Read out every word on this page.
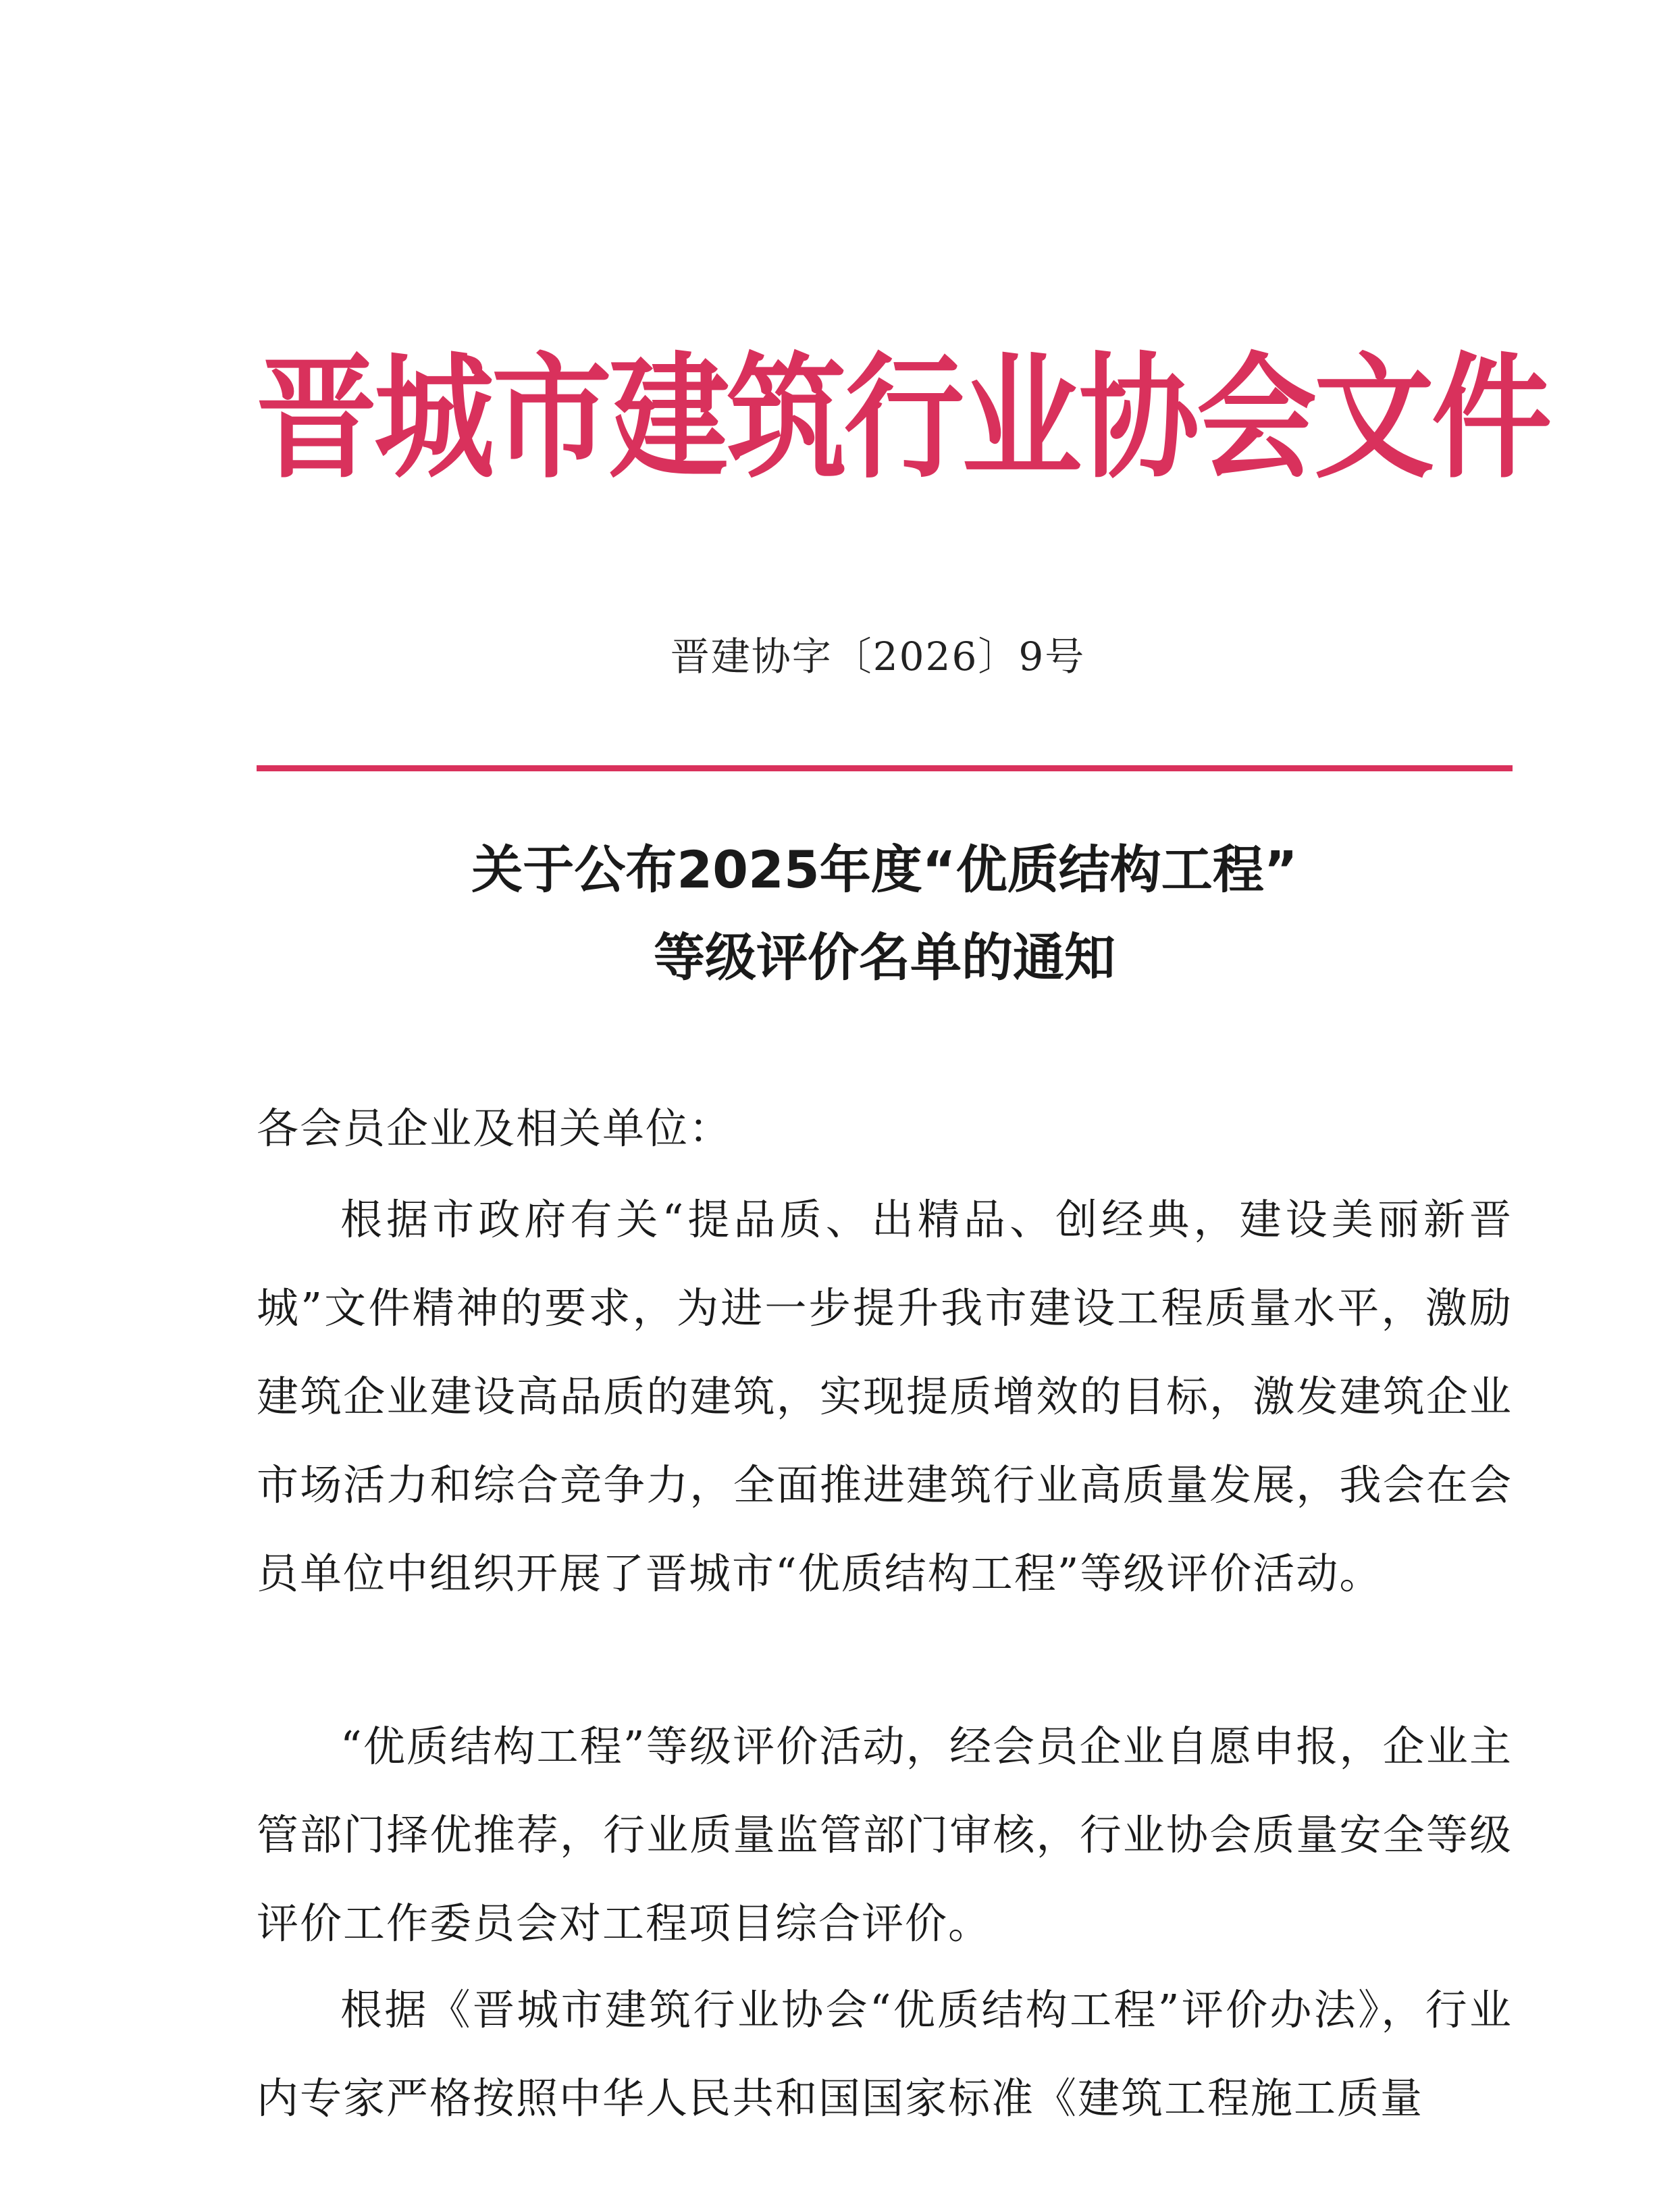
晋城市建筑行业协会文件
晋建协字〔2026〕9号
关于公布2025年度“优质结构工程”
等级评价名单的通知
各会员企业及相关单位：

根据市政府有关“提品质、出精品、创经典，建设美丽新晋城”文件精神的要求，为进一步提升我市建设工程质量水平，激励建筑企业建设高品质的建筑，实现提质增效的目标，激发建筑企业市场活力和综合竞争力，全面推进建筑行业高质量发展，我会在会员单位中组织开展了晋城市“优质结构工程”等级评价活动。

“优质结构工程”等级评价活动，经会员企业自愿申报，企业主管部门择优推荐，行业质量监管部门审核，行业协会质量安全等级评价工作委员会对工程项目综合评价。

根据《晋城市建筑行业协会“优质结构工程”评价办法》，行业内专家严格按照中华人民共和国国家标准《建筑工程施工质量
